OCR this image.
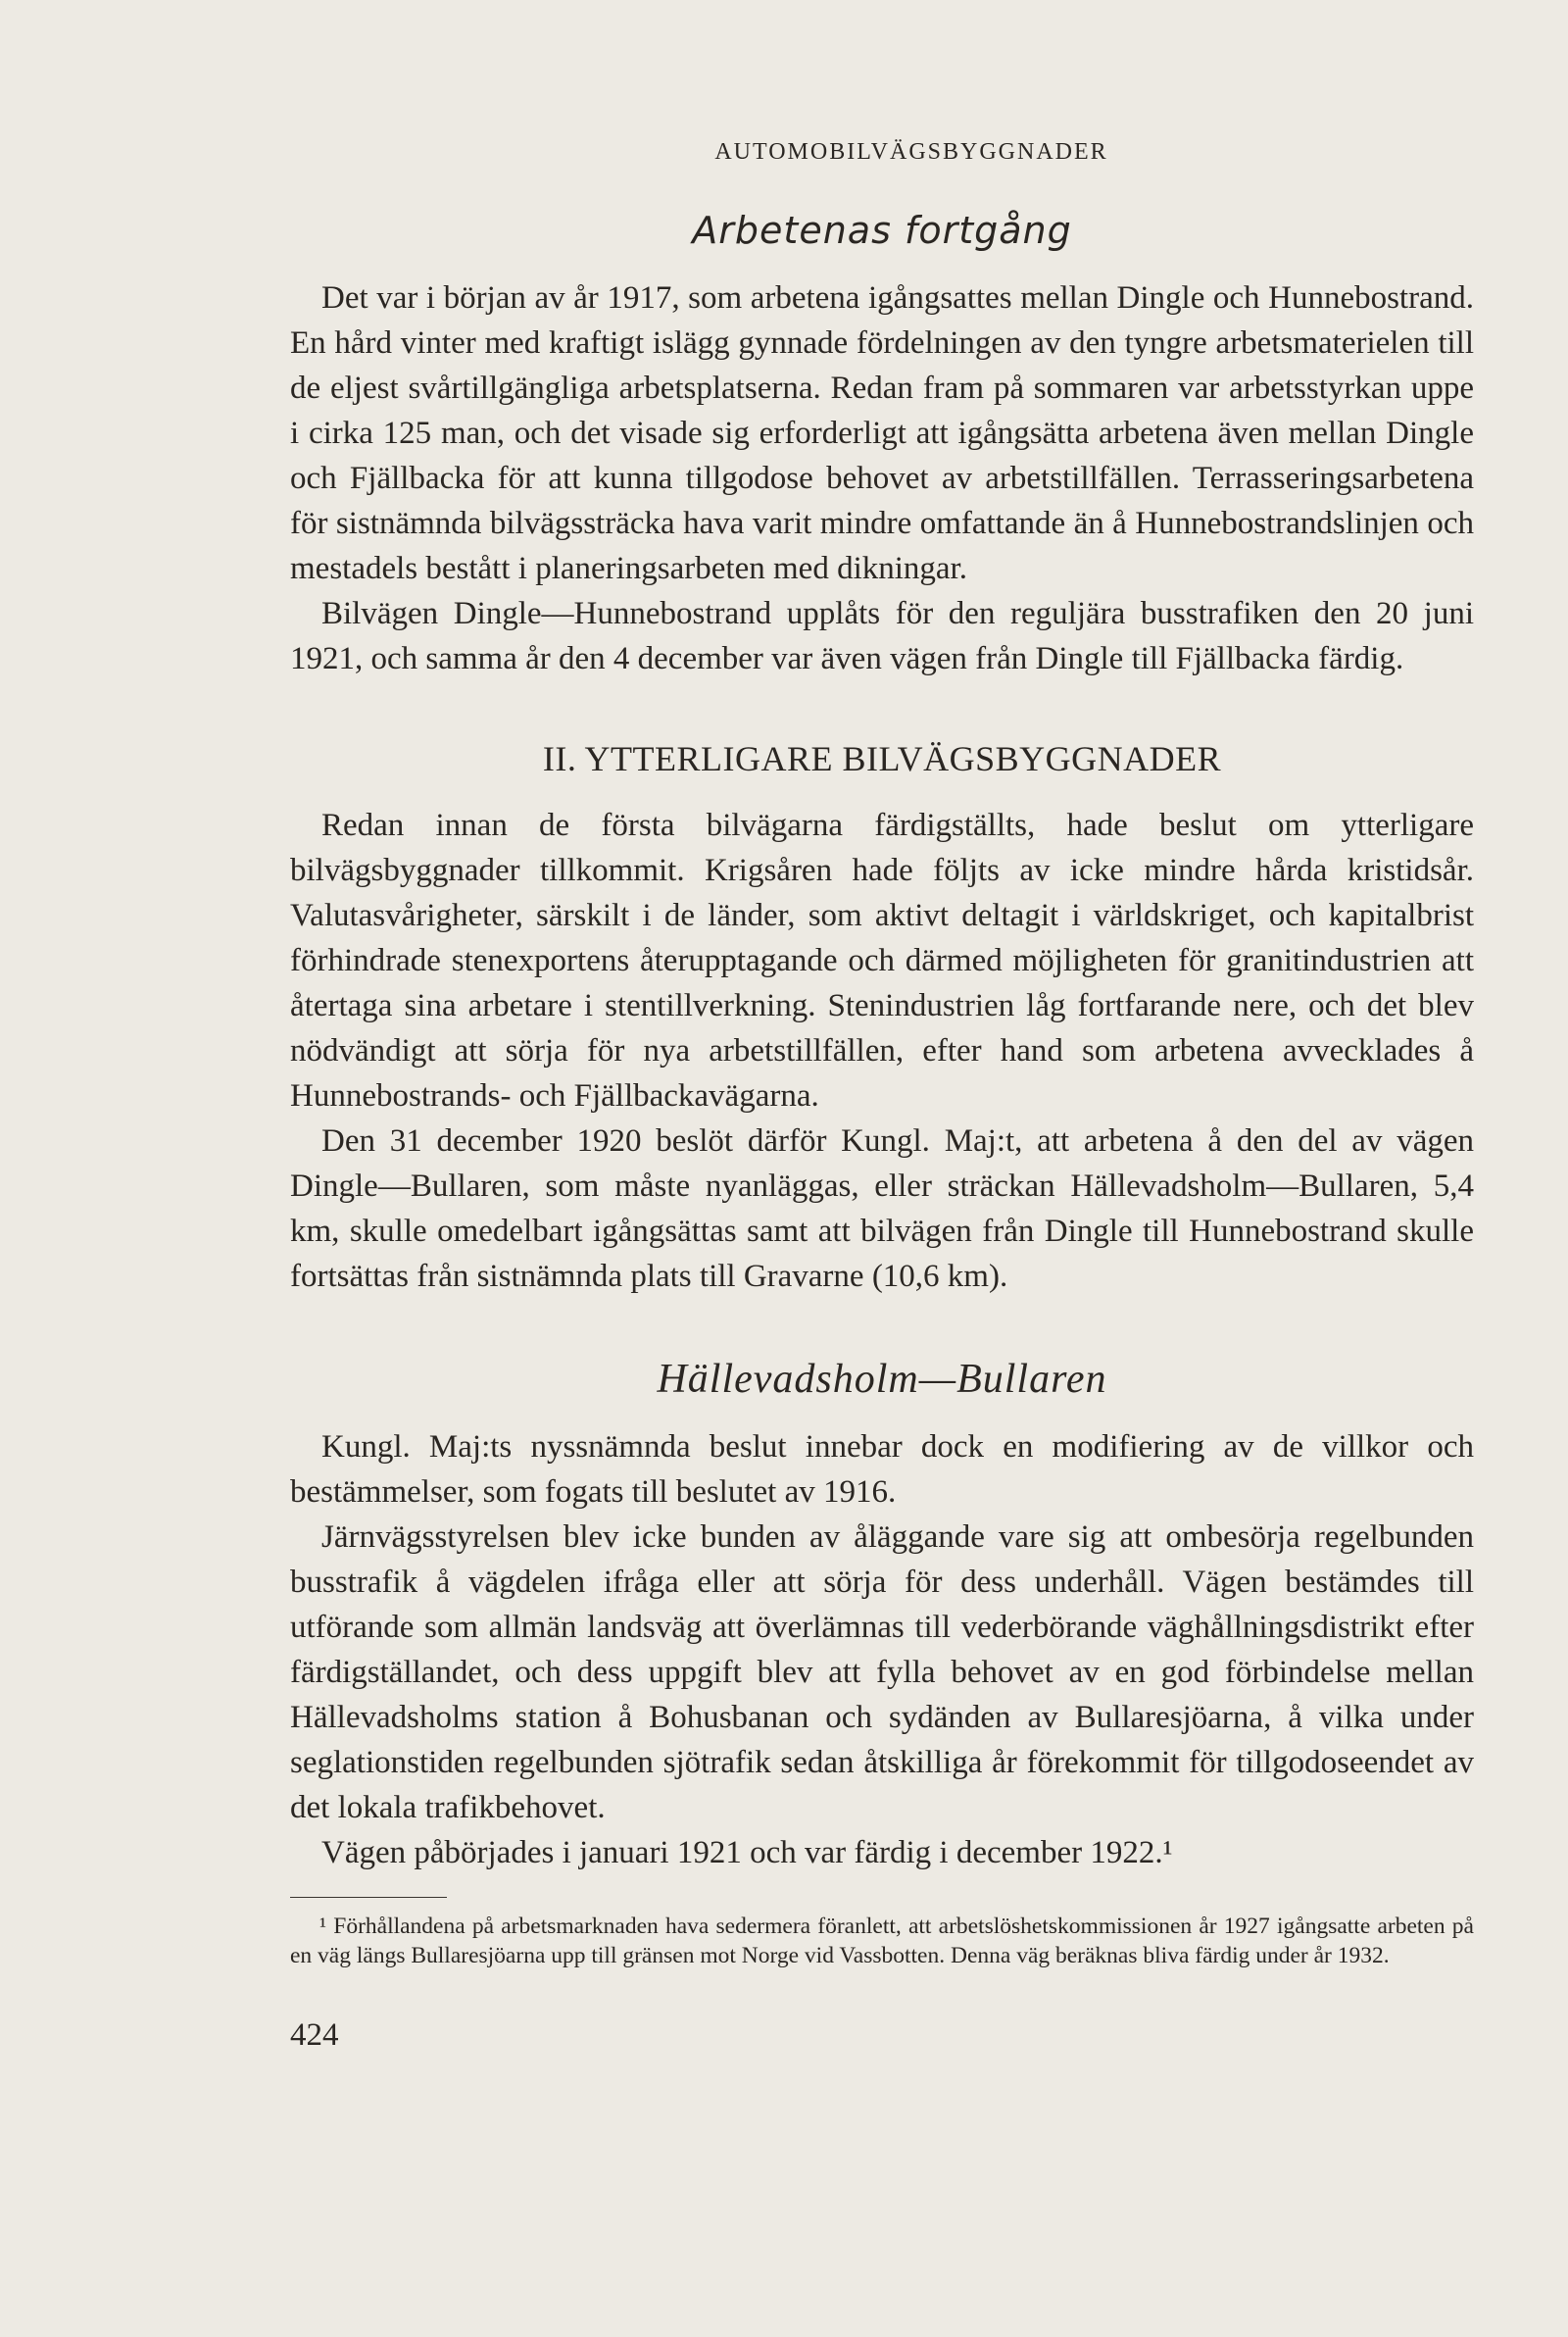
AUTOMOBILVÄGSBYGGNADER
Arbetenas fortgång

Det var i början av år 1917, som arbetena igångsattes mellan Dingle och Hunnebostrand. En hård vinter med kraftigt islägg gynnade fördelningen av den tyngre arbetsmaterielen till de eljest svårtillgängliga arbetsplatserna. Redan fram på sommaren var arbetsstyrkan uppe i cirka 125 man, och det visade sig erforderligt att igångsätta arbetena även mellan Dingle och Fjällbacka för att kunna tillgodose behovet av arbetstillfällen. Terrasseringsarbetena för sistnämnda bilvägssträcka hava varit mindre omfattande än å Hunnebostrandslinjen och mestadels bestått i planeringsarbeten med dikningar.

Bilvägen Dingle—Hunnebostrand upplåts för den reguljära busstrafiken den 20 juni 1921, och samma år den 4 december var även vägen från Dingle till Fjällbacka färdig.

II. YTTERLIGARE BILVÄGSBYGGNADER

Redan innan de första bilvägarna färdigställts, hade beslut om ytterligare bilvägsbyggnader tillkommit. Krigsåren hade följts av icke mindre hårda kristidsår. Valutasvårigheter, särskilt i de länder, som aktivt deltagit i världskriget, och kapitalbrist förhindrade stenexportens återupptagande och därmed möjligheten för granitindustrien att återtaga sina arbetare i stentillverkning. Stenindustrien låg fortfarande nere, och det blev nödvändigt att sörja för nya arbetstillfällen, efter hand som arbetena avvecklades å Hunnebostrands- och Fjällbackavägarna.

Den 31 december 1920 beslöt därför Kungl. Maj:t, att arbetena å den del av vägen Dingle—Bullaren, som måste nyanläggas, eller sträckan Hällevadsholm—Bullaren, 5,4 km, skulle omedelbart igångsättas samt att bilvägen från Dingle till Hunnebostrand skulle fortsättas från sistnämnda plats till Gravarne (10,6 km).

Hällevadsholm—Bullaren

Kungl. Maj:ts nyssnämnda beslut innebar dock en modifiering av de villkor och bestämmelser, som fogats till beslutet av 1916.

Järnvägsstyrelsen blev icke bunden av åläggande vare sig att ombesörja regelbunden busstrafik å vägdelen ifråga eller att sörja för dess underhåll. Vägen bestämdes till utförande som allmän landsväg att överlämnas till vederbörande väghållningsdistrikt efter färdigställandet, och dess uppgift blev att fylla behovet av en god förbindelse mellan Hällevadsholms station å Bohusbanan och sydänden av Bullaresjöarna, å vilka under seglationstiden regelbunden sjötrafik sedan åtskilliga år förekommit för tillgodoseendet av det lokala trafikbehovet.

Vägen påbörjades i januari 1921 och var färdig i december 1922.¹

¹ Förhållandena på arbetsmarknaden hava sedermera föranlett, att arbetslöshetskommissionen år 1927 igångsatte arbeten på en väg längs Bullaresjöarna upp till gränsen mot Norge vid Vassbotten. Denna väg beräknas bliva färdig under år 1932.

424
